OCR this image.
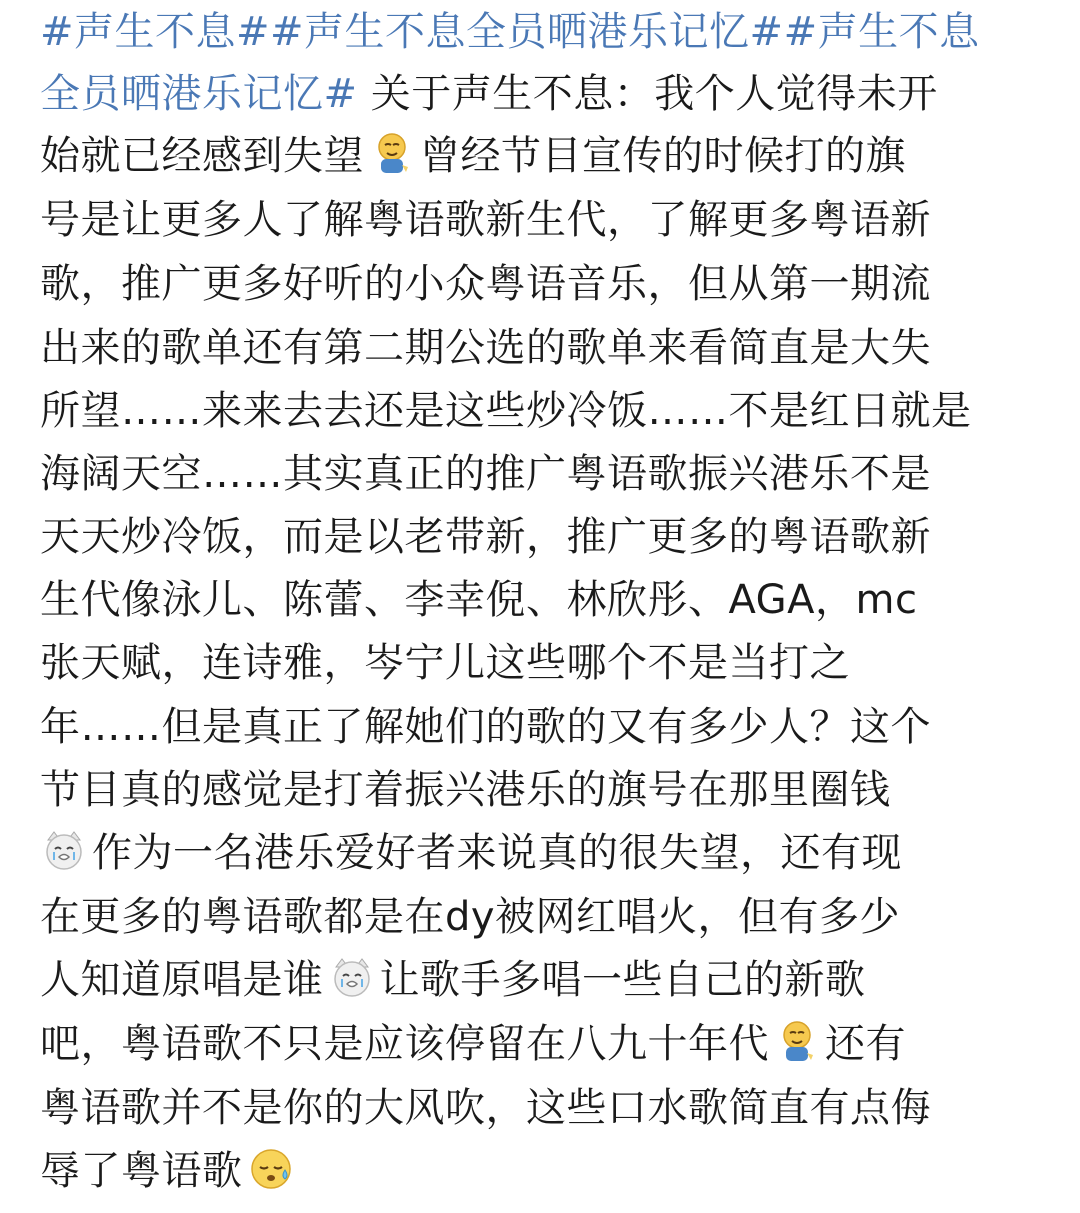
#声生不息##声生不息全员晒港乐记忆##声生不息
全员晒港乐记忆# 关于声生不息：我个人觉得未开
始就已经感到失望 曾经节目宣传的时候打的旗
号是让更多人了解粤语歌新生代，了解更多粤语新
歌，推广更多好听的小众粤语音乐，但从第一期流
出来的歌单还有第二期公选的歌单来看简直是大失
所望……来来去去还是这些炒冷饭……不是红日就是
海阔天空……其实真正的推广粤语歌振兴港乐不是
天天炒冷饭，而是以老带新，推广更多的粤语歌新
生代像泳儿、陈蕾、李幸倪、林欣彤、AGA，mc
张天赋，连诗雅，岑宁儿这些哪个不是当打之
年……但是真正了解她们的歌的又有多少人？这个
节目真的感觉是打着振兴港乐的旗号在那里圈钱
作为一名港乐爱好者来说真的很失望，还有现
在更多的粤语歌都是在dy被网红唱火，但有多少
人知道原唱是谁 让歌手多唱一些自己的新歌
吧，粤语歌不只是应该停留在八九十年代 还有
粤语歌并不是你的大风吹，这些口水歌简直有点侮
辱了粤语歌
